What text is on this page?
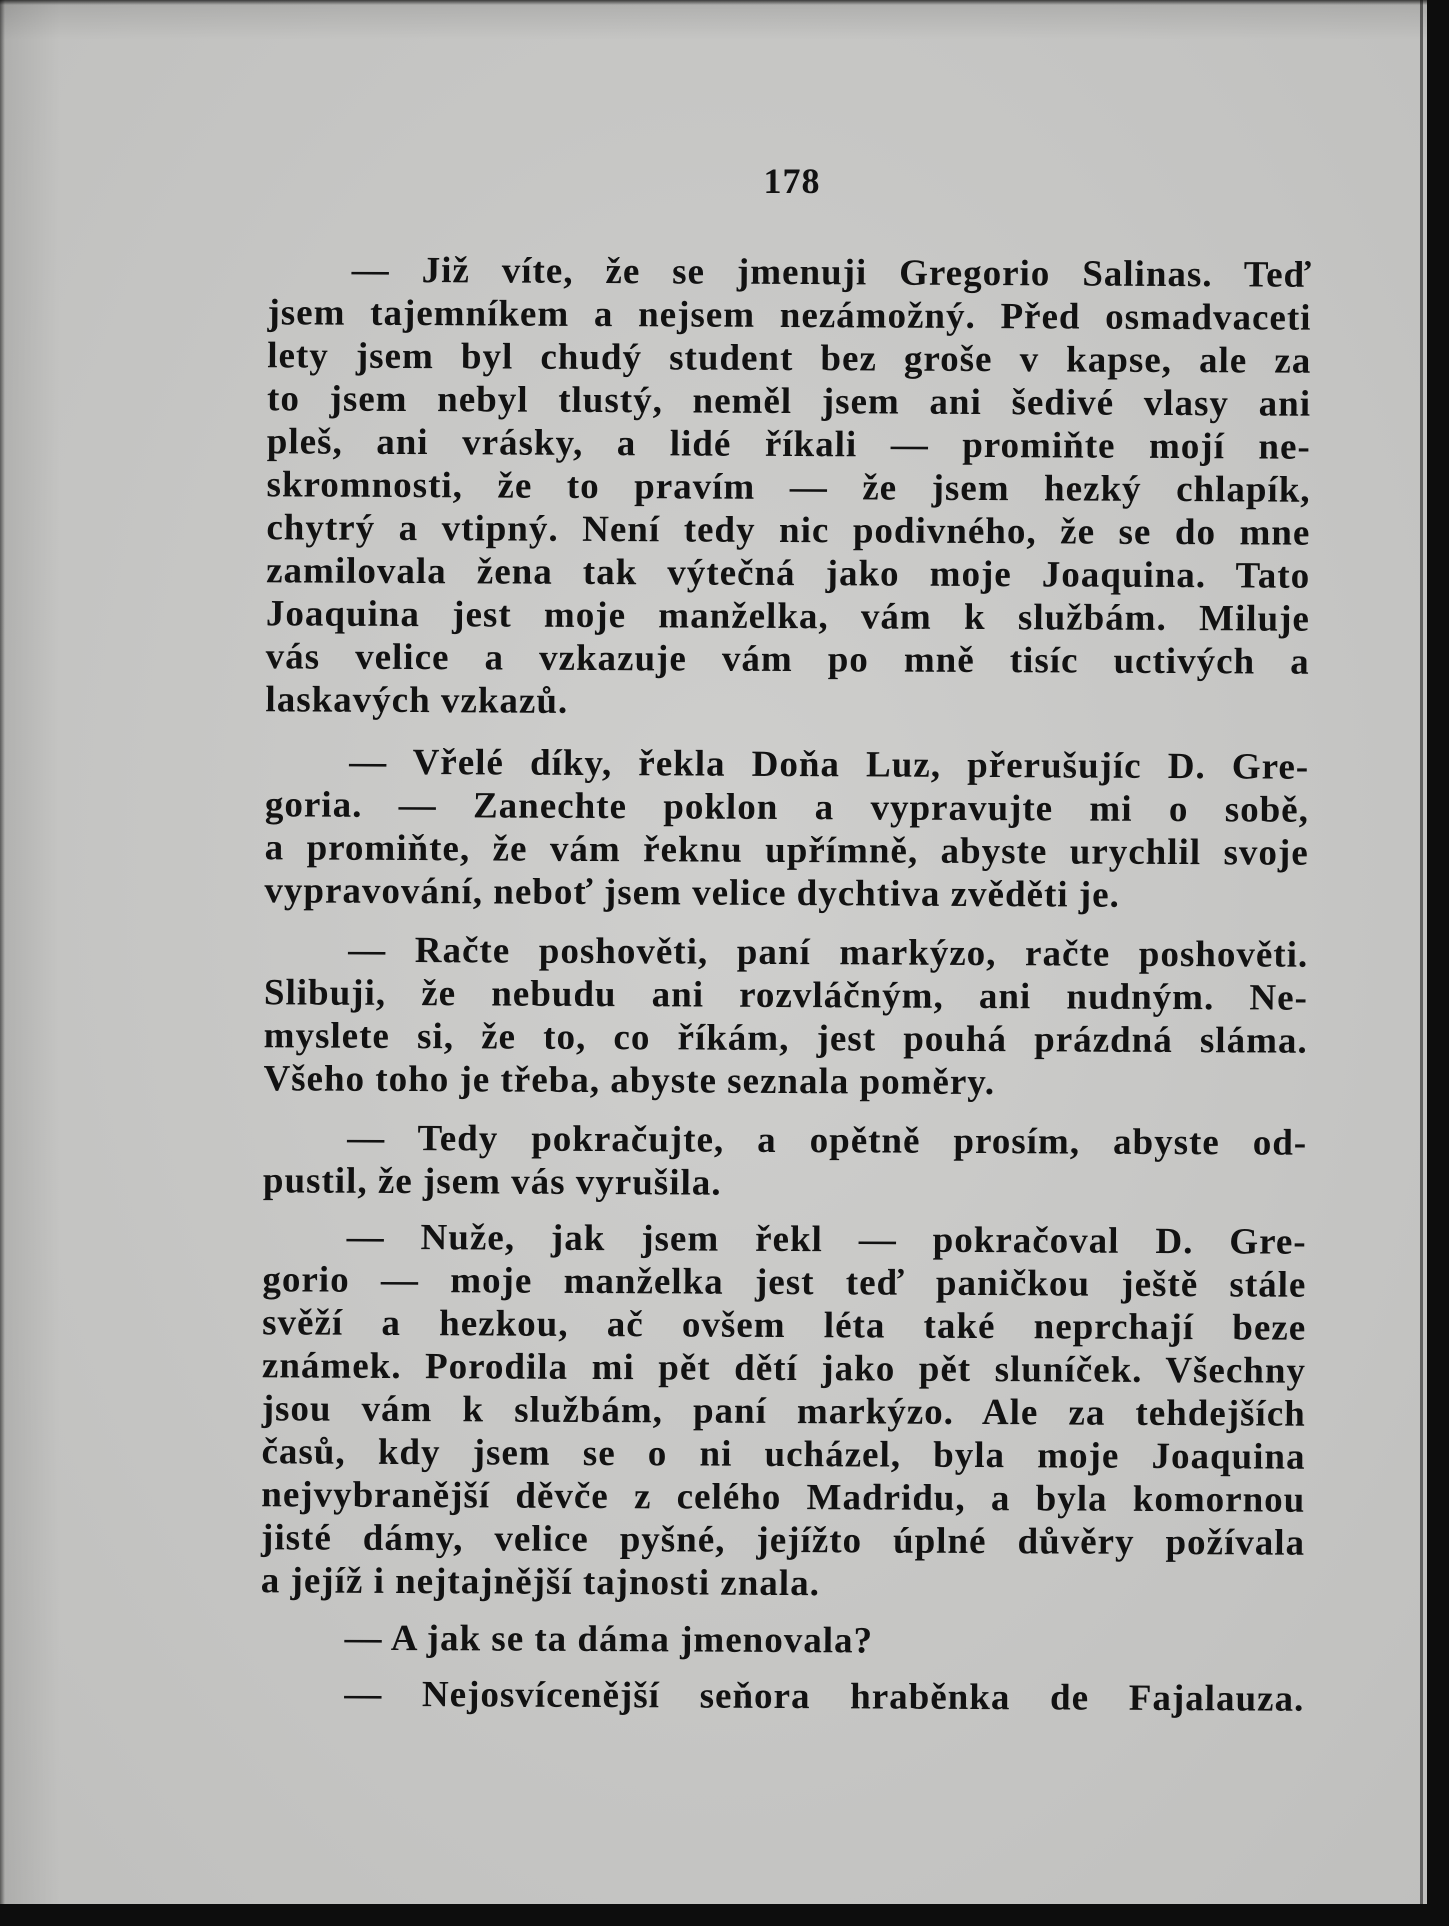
178
— Již víte, že se jmenuji Gregorio Salinas. Teď
jsem tajemníkem a nejsem nezámožný. Před osmadvaceti
lety jsem byl chudý student bez groše v kapse, ale za
to jsem nebyl tlustý, neměl jsem ani šedivé vlasy ani
pleš, ani vrásky, a lidé říkali — promiňte mojí ne-
skromnosti, že to pravím — že jsem hezký chlapík,
chytrý a vtipný. Není tedy nic podivného, že se do mne
zamilovala žena tak výtečná jako moje Joaquina. Tato
Joaquina jest moje manželka, vám k službám. Miluje
vás velice a vzkazuje vám po mně tisíc uctivých a
laskavých vzkazů.
— Vřelé díky, řekla Doňa Luz, přerušujíc D. Gre-
goria. — Zanechte poklon a vypravujte mi o sobě,
a promiňte, že vám řeknu upřímně, abyste urychlil svoje
vypravování, neboť jsem velice dychtiva zvěděti je.
— Račte poshověti, paní markýzo, račte poshověti.
Slibuji, že nebudu ani rozvláčným, ani nudným. Ne-
myslete si, že to, co říkám, jest pouhá prázdná sláma.
Všeho toho je třeba, abyste seznala poměry.
— Tedy pokračujte, a opětně prosím, abyste od-
pustil, že jsem vás vyrušila.
— Nuže, jak jsem řekl — pokračoval D. Gre-
gorio — moje manželka jest teď paničkou ještě stále
svěží a hezkou, ač ovšem léta také neprchají beze
známek. Porodila mi pět dětí jako pět sluníček. Všechny
jsou vám k službám, paní markýzo. Ale za tehdejších
časů, kdy jsem se o ni ucházel, byla moje Joaquina
nejvybranější děvče z celého Madridu, a byla komornou
jisté dámy, velice pyšné, jejížto úplné důvěry požívala
a jejíž i nejtajnější tajnosti znala.
— A jak se ta dáma jmenovala?
— Nejosvícenější seňora hraběnka de Fajalauza.
